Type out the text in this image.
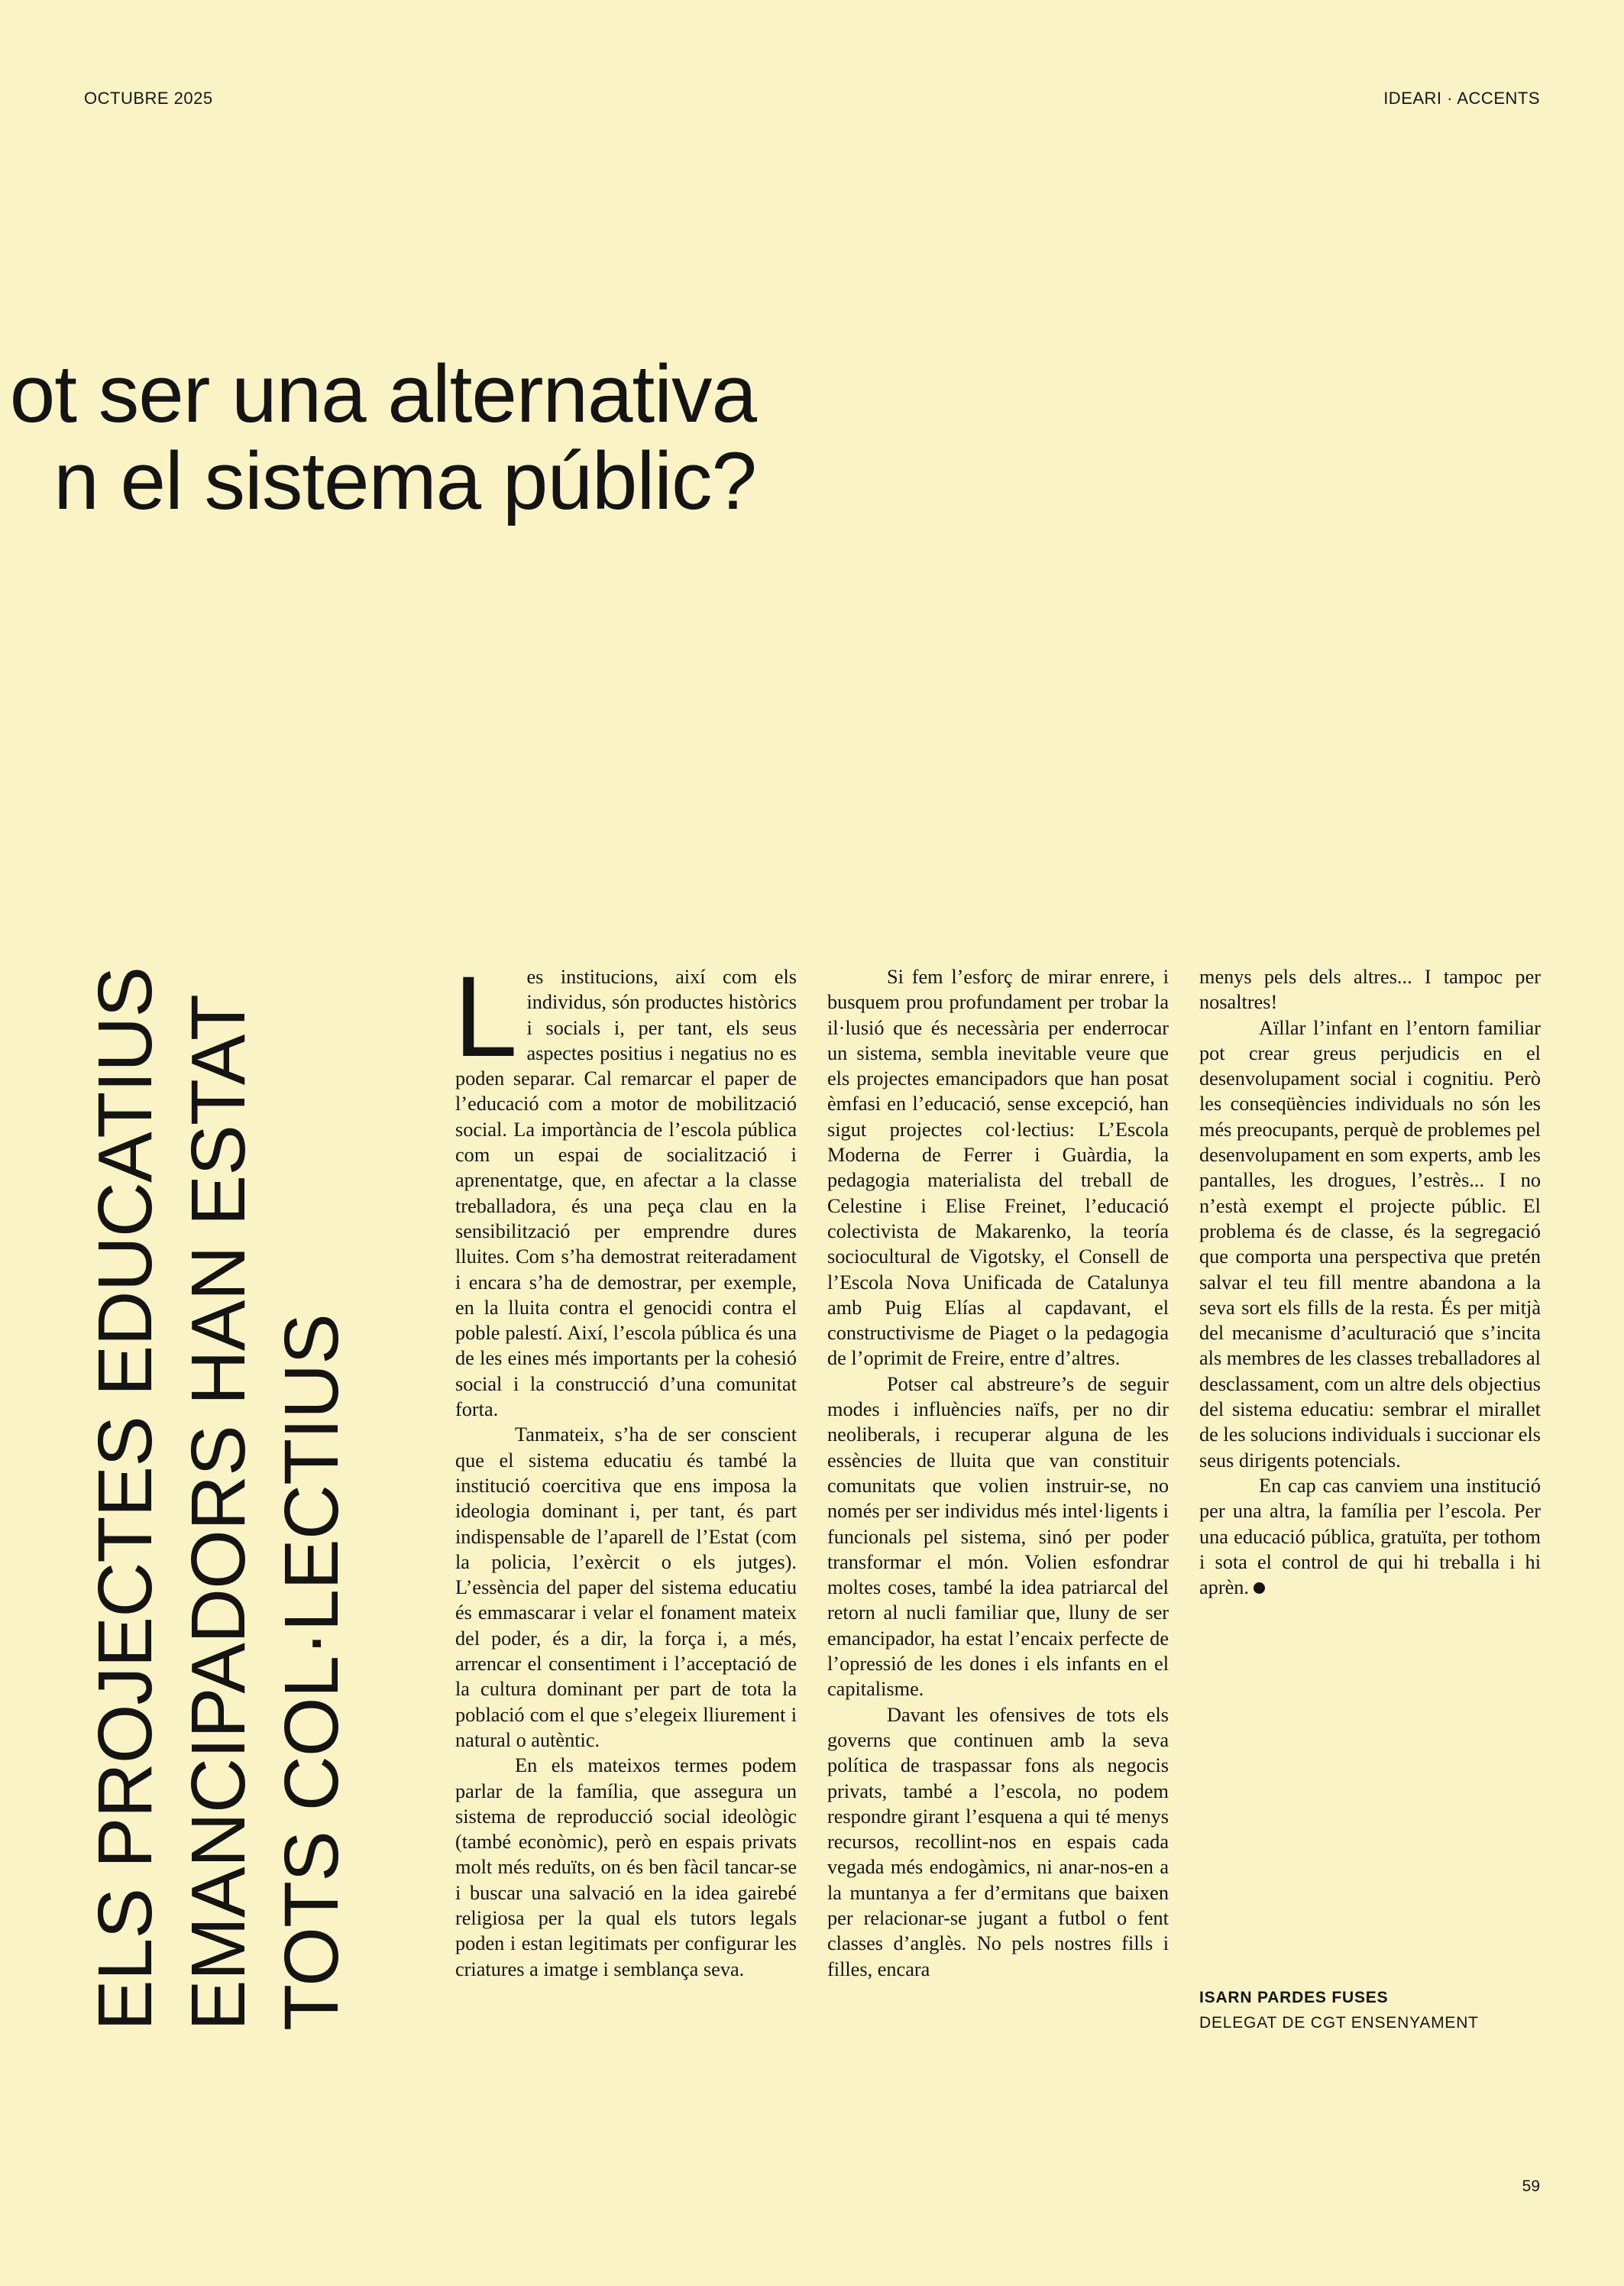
OCTUBRE 2025	IDEARI · ACCENTS
ot ser una alternativa
n el sistema públic?
ELS PROJECTES EDUCATIUS EMANCIPADORS HAN ESTAT TOTS COL·LECTIUS

Les institucions, així com els individus, són productes històrics i socials i, per tant, els seus aspectes positius i negatius no es poden separar. Cal remarcar el paper de l’educació com a motor de mobilització social. La importància de l’escola pública com un espai de socialització i aprenentatge, que, en afectar a la classe treballadora, és una peça clau en la sensibilització per emprendre dures lluites. Com s’ha demostrat reiteradament i encara s’ha de demostrar, per exemple, en la lluita contra el genocidi contra el poble palestí. Així, l’escola pública és una de les eines més importants per la cohesió social i la construcció d’una comunitat forta.

Tanmateix, s’ha de ser conscient que el sistema educatiu és també la institució coercitiva que ens imposa la ideologia dominant i, per tant, és part indispensable de l’aparell de l’Estat (com la policia, l’exèrcit o els jutges). L’essència del paper del sistema educatiu és emmascarar i velar el fonament mateix del poder, és a dir, la força i, a més, arrencar el consentiment i l’acceptació de la cultura dominant per part de tota la població com el que s’elegeix lliurement i natural o autèntic.

En els mateixos termes podem parlar de la família, que assegura un sistema de reproducció social ideològic (també econòmic), però en espais privats molt més reduïts, on és ben fàcil tancar-se i buscar una salvació en la idea gairebé religiosa per la qual els tutors legals poden i estan legitimats per configurar les criatures a imatge i semblança seva.

Si fem l’esforç de mirar enrere, i busquem prou profundament per trobar la il·lusió que és necessària per enderrocar un sistema, sembla inevitable veure que els projectes emancipadors que han posat èmfasi en l’educació, sense excepció, han sigut projectes col·lectius: L’Escola Moderna de Ferrer i Guàrdia, la pedagogia materialista del treball de Celestine i Elise Freinet, l’educació colectivista de Makarenko, la teoría sociocultural de Vigotsky, el Consell de l’Escola Nova Unificada de Catalunya amb Puig Elías al capdavant, el constructivisme de Piaget o la pedagogia de l’oprimit de Freire, entre d’altres.

Potser cal abstreure’s de seguir modes i influències naïfs, per no dir neoliberals, i recuperar alguna de les essències de lluita que van constituir comunitats que volien instruir-se, no només per ser individus més intel·ligents i funcionals pel sistema, sinó per poder transformar el món. Volien esfondrar moltes coses, també la idea patriarcal del retorn al nucli familiar que, lluny de ser emancipador, ha estat l’encaix perfecte de l’opressió de les dones i els infants en el capitalisme.

Davant les ofensives de tots els governs que continuen amb la seva política de traspassar fons als negocis privats, també a l’escola, no podem respondre girant l’esquena a qui té menys recursos, recollint-nos en espais cada vegada més endogàmics, ni anar-nos-en a la muntanya a fer d’ermitans que baixen per relacionar-se jugant a futbol o fent classes d’anglès. No pels nostres fills i filles, encara

menys pels dels altres... I tampoc per nosaltres!

Aïllar l’infant en l’entorn familiar pot crear greus perjudicis en el desenvolupament social i cognitiu. Però les conseqüències individuals no són les més preocupants, perquè de problemes pel desenvolupament en som experts, amb les pantalles, les drogues, l’estrès... I no n’està exempt el projecte públic. El problema és de classe, és la segregació que comporta una perspectiva que pretén salvar el teu fill mentre abandona a la seva sort els fills de la resta. És per mitjà del mecanisme d’aculturació que s’incita als membres de les classes treballadores al desclassament, com un altre dels objectius del sistema educatiu: sembrar el mirallet de les solucions individuals i succionar els seus dirigents potencials.

En cap cas canviem una institució per una altra, la família per l’escola. Per una educació pública, gratuïta, per tothom i sota el control de qui hi treballa i hi aprèn.

ISARN PARDES FUSES
DELEGAT DE CGT ENSENYAMENT
59
